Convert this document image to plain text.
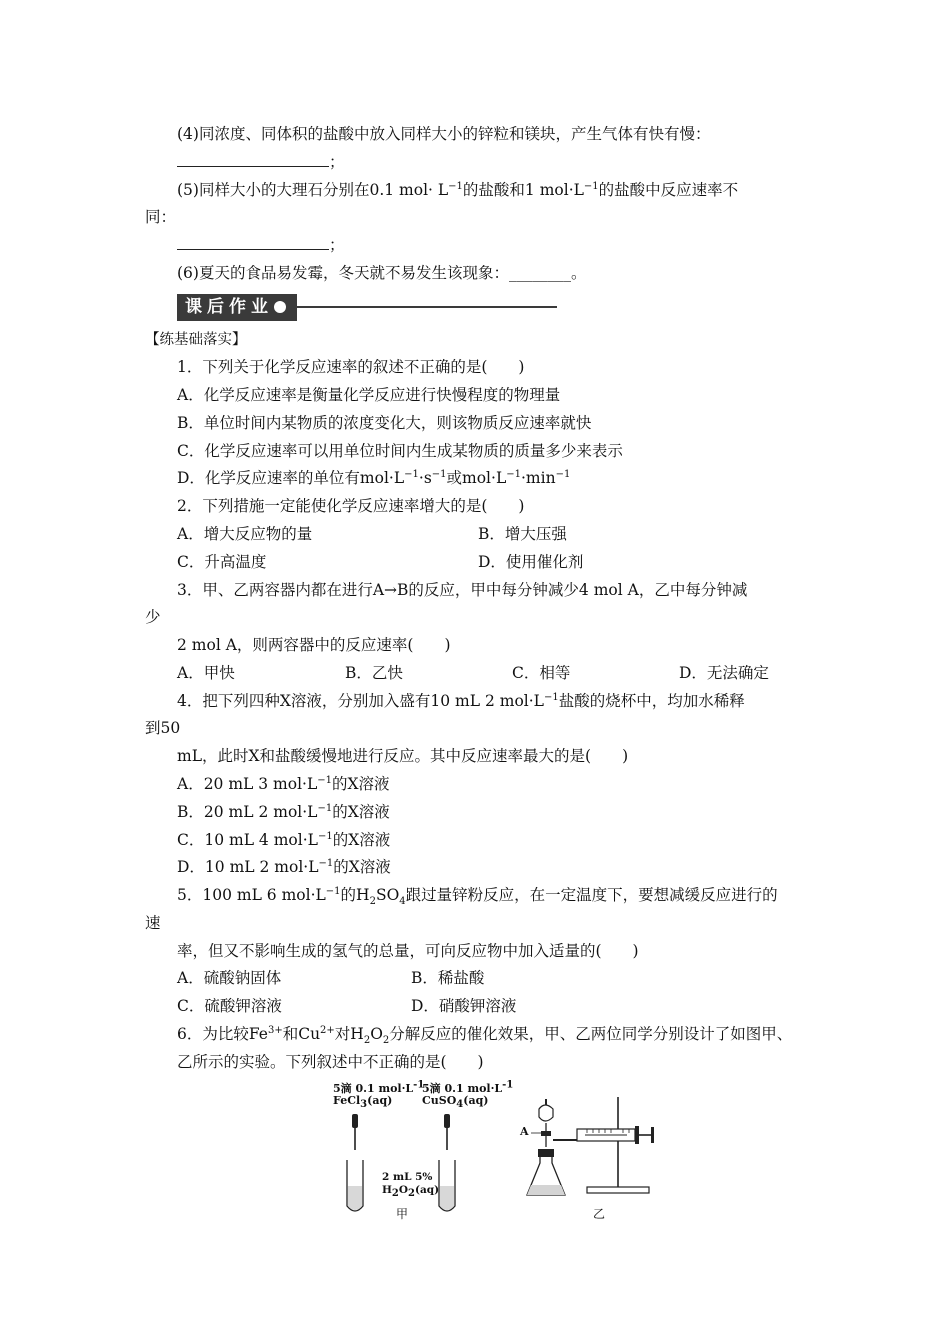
(4)同浓度、同体积的盐酸中放入同样大小的锌粒和镁块，产生气体有快有慢：
；
(5)同样大小的大理石分别在0.1 $mol\cdot L^{-1}$的盐酸和1 $mol\cdot L^{-1}$的盐酸中反应速率不
同：
；
(6)夏天的食品易发霉，冬天就不易发生该现象：________。
课后作业
【练基础落实】
1．下列关于化学反应速率的叙述不正确的是(　　)
A．化学反应速率是衡量化学反应进行快慢程度的物理量
B．单位时间内某物质的浓度变化大，则该物质反应速率就快
C．化学反应速率可以用单位时间内生成某物质的质量多少来表示
D．化学反应速率的单位有$mol\cdot L^{-1}\cdot s^{-1}$或$mol\cdot L^{-1}\cdot\min^{-1}$
2．下列措施一定能使化学反应速率增大的是(　　)
A．增大反应物的量	B．增大压强
C．升高温度	D．使用催化剂
3．甲、乙两容器内都在进行A→B的反应，甲中每分钟减少4 mol A，乙中每分钟减
少
2 mol A，则两容器中的反应速率(　　)
A．甲快	B．乙快	C．相等	D．无法确定
4．把下列四种X溶液，分别加入盛有10 mL 2 $mol\cdot L^{-1}$盐酸的烧杯中，均加水稀释
到50
mL，此时X和盐酸缓慢地进行反应。其中反应速率最大的是(　　)
A．20 mL 3 $mol\cdot L^{-1}$的X溶液
B．20 mL 2 $mol\cdot L^{-1}$的X溶液
C．10 mL 4 $mol\cdot L^{-1}$的X溶液
D．10 mL 2 $mol\cdot L^{-1}$的X溶液
5．100 mL 6 $mol\cdot L^{-1}$的$H_2SO_4$跟过量锌粉反应，在一定温度下，要想减缓反应进行的
速
率，但又不影响生成的氢气的总量，可向反应物中加入适量的(　　)
A．硫酸钠固体	B．稀盐酸
C．硫酸钾溶液	D．硝酸钾溶液
6．为比较$Fe^{3+}$和$Cu^{2+}$对$H_2O_2$分解反应的催化效果，甲、乙两位同学分别设计了如图甲、
乙所示的实验。下列叙述中不正确的是(　　)
5滴 0.1 $mol\cdot L^{-1}$
FeCl$_3$(aq)
5滴 0.1 $mol\cdot L^{-1}$
CuSO$_4$(aq)
2 mL 5%
$H_2O_2(aq)$
甲
A
乙
